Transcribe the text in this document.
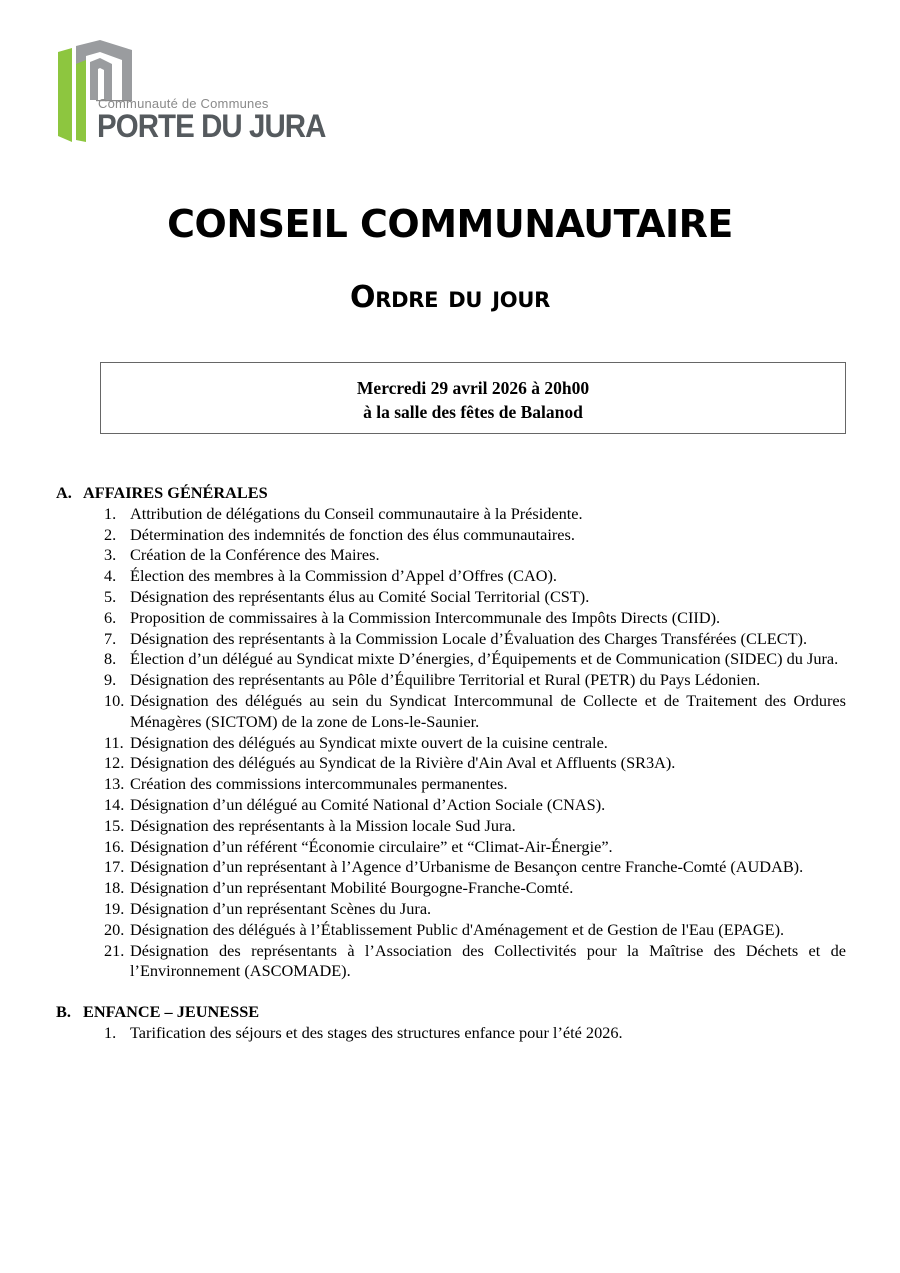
Communauté de Communes
PORTE DU JURA
CONSEIL COMMUNAUTAIRE
Ordre du jour
Mercredi 29 avril 2026 à 20h00
à la salle des fêtes de Balanod
A. AFFAIRES GÉNÉRALES
1. Attribution de délégations du Conseil communautaire à la Présidente.
2. Détermination des indemnités de fonction des élus communautaires.
3. Création de la Conférence des Maires.
4. Élection des membres à la Commission d’Appel d’Offres (CAO).
5. Désignation des représentants élus au Comité Social Territorial (CST).
6. Proposition de commissaires à la Commission Intercommunale des Impôts Directs (CIID).
7. Désignation des représentants à la Commission Locale d’Évaluation des Charges Transférées (CLECT).
8. Élection d’un délégué au Syndicat mixte D’énergies, d’Équipements et de Communication (SIDEC) du Jura.
9. Désignation des représentants au Pôle d’Équilibre Territorial et Rural (PETR) du Pays Lédonien.
10. Désignation des délégués au sein du Syndicat Intercommunal de Collecte et de Traitement des Ordures Ménagères (SICTOM) de la zone de Lons-le-Saunier.
11. Désignation des délégués au Syndicat mixte ouvert de la cuisine centrale.
12. Désignation des délégués au Syndicat de la Rivière d'Ain Aval et Affluents (SR3A).
13. Création des commissions intercommunales permanentes.
14. Désignation d’un délégué au Comité National d’Action Sociale (CNAS).
15. Désignation des représentants à la Mission locale Sud Jura.
16. Désignation d’un référent “Économie circulaire” et “Climat-Air-Énergie”.
17. Désignation d’un représentant à l’Agence d’Urbanisme de Besançon centre Franche-Comté (AUDAB).
18. Désignation d’un représentant Mobilité Bourgogne-Franche-Comté.
19. Désignation d’un représentant Scènes du Jura.
20. Désignation des délégués à l’Établissement Public d'Aménagement et de Gestion de l'Eau (EPAGE).
21. Désignation des représentants à l’Association des Collectivités pour la Maîtrise des Déchets et de l’Environnement (ASCOMADE).
B. ENFANCE – JEUNESSE
1. Tarification des séjours et des stages des structures enfance pour l’été 2026.
